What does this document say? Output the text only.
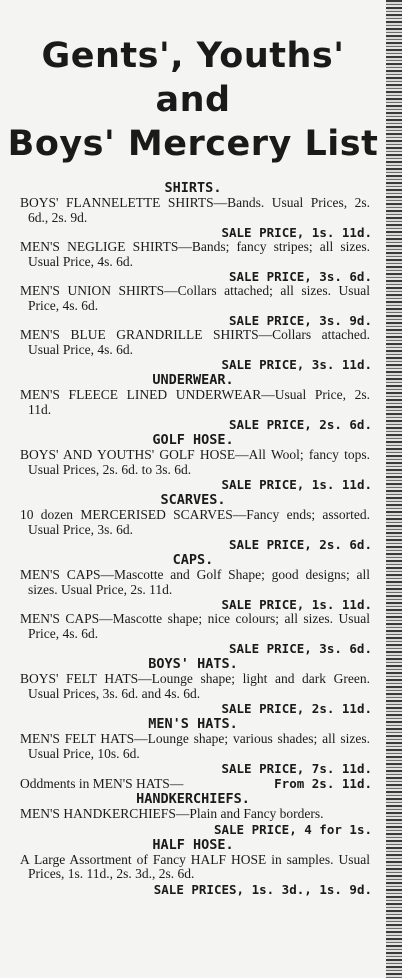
Gents', Youths' and
Boys' Mercery List

SHIRTS.

BOYS' FLANNELETTE SHIRTS—Bands. Usual Prices, 2s. 6d., 2s. 9d.

SALE PRICE, 1s. 11d.

MEN'S NEGLIGE SHIRTS—Bands; fancy stripes; all sizes. Usual Price, 4s. 6d.

SALE PRICE, 3s. 6d.

MEN'S UNION SHIRTS—Collars attached; all sizes. Usual Price, 4s. 6d.

SALE PRICE, 3s. 9d.

MEN'S BLUE GRANDRILLE SHIRTS—Collars attached. Usual Price, 4s. 6d.

SALE PRICE, 3s. 11d.

UNDERWEAR.

MEN'S FLEECE LINED UNDERWEAR—Usual Price, 2s. 11d.

SALE PRICE, 2s. 6d.

GOLF HOSE.

BOYS' AND YOUTHS' GOLF HOSE—All Wool; fancy tops. Usual Prices, 2s. 6d. to 3s. 6d.

SALE PRICE, 1s. 11d.

SCARVES.

10 dozen MERCERISED SCARVES—Fancy ends; assorted. Usual Price, 3s. 6d.

SALE PRICE, 2s. 6d.

CAPS.

MEN'S CAPS—Mascotte and Golf Shape; good designs; all sizes. Usual Price, 2s. 11d.

SALE PRICE, 1s. 11d.

MEN'S CAPS—Mascotte shape; nice colours; all sizes. Usual Price, 4s. 6d.

SALE PRICE, 3s. 6d.

BOYS' HATS.

BOYS' FELT HATS—Lounge shape; light and dark Green. Usual Prices, 3s. 6d. and 4s. 6d.

SALE PRICE, 2s. 11d.

MEN'S HATS.

MEN'S FELT HATS—Lounge shape; various shades; all sizes. Usual Price, 10s. 6d.

SALE PRICE, 7s. 11d.

Oddments in MEN'S HATS—	From 2s. 11d.

HANDKERCHIEFS.

MEN'S HANDKERCHIEFS—Plain and Fancy borders.

SALE PRICE, 4 for 1s.

HALF HOSE.

A Large Assortment of Fancy HALF HOSE in samples. Usual Prices, 1s. 11d., 2s. 3d., 2s. 6d.

SALE PRICES, 1s. 3d., 1s. 9d.
